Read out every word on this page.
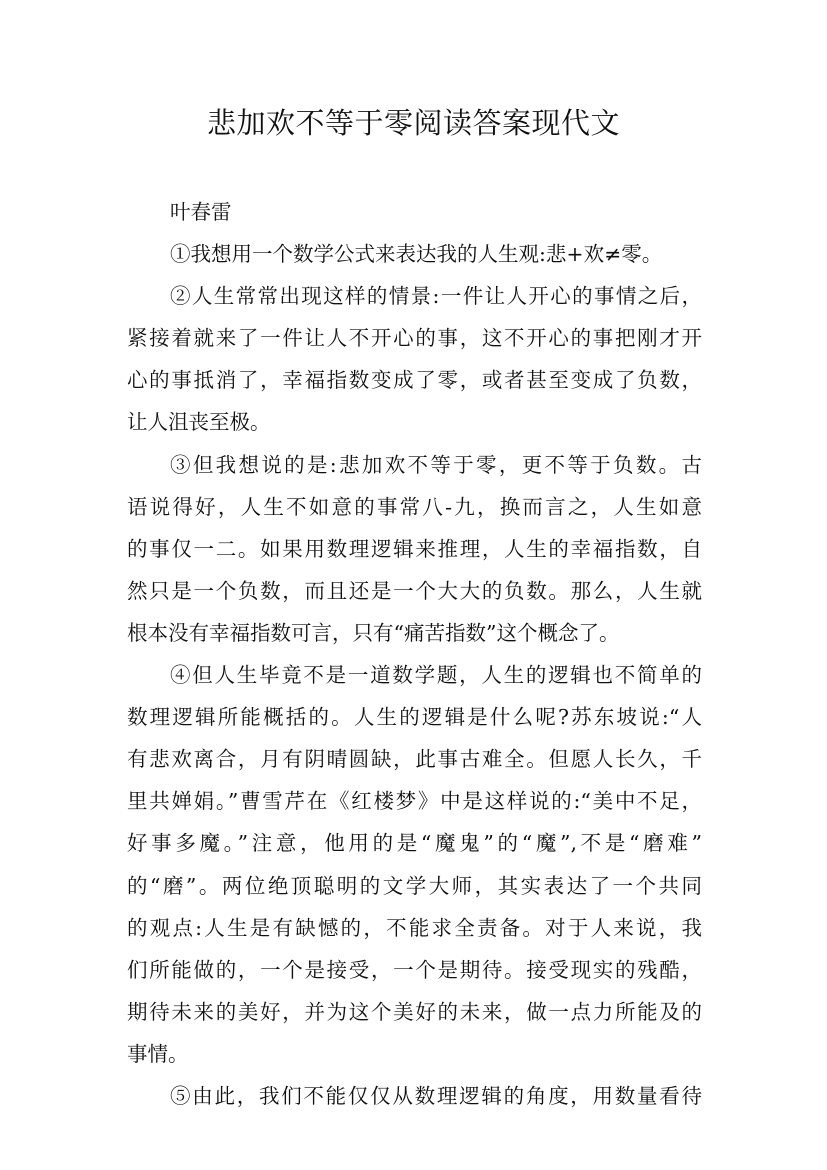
悲加欢不等于零阅读答案现代文
叶春雷
①我想用一个数学公式来表达我的人生观:悲+欢≠零。
②人生常常出现这样的情景:一件让人开心的事情之后，
紧接着就来了一件让人不开心的事，这不开心的事把刚才开
心的事抵消了，幸福指数变成了零，或者甚至变成了负数，
让人沮丧至极。
③但我想说的是:悲加欢不等于零，更不等于负数。古
语说得好，人生不如意的事常八-九，换而言之，人生如意
的事仅一二。如果用数理逻辑来推理，人生的幸福指数，自
然只是一个负数，而且还是一个大大的负数。那么，人生就
根本没有幸福指数可言，只有“痛苦指数”这个概念了。
④但人生毕竟不是一道数学题，人生的逻辑也不简单的
数理逻辑所能概括的。人生的逻辑是什么呢?苏东坡说:“人
有悲欢离合，月有阴晴圆缺，此事古难全。但愿人长久，千
里共婵娟。”曹雪芹在《红楼梦》中是这样说的:“美中不足，
好事多魔。”注意，他用的是“魔鬼”的“魔”,不是“磨难”
的“磨”。两位绝顶聪明的文学大师，其实表达了一个共同
的观点:人生是有缺憾的，不能求全责备。对于人来说，我
们所能做的，一个是接受，一个是期待。接受现实的残酷，
期待未来的美好，并为这个美好的未来，做一点力所能及的
事情。
⑤由此，我们不能仅仅从数理逻辑的角度，用数量看待
